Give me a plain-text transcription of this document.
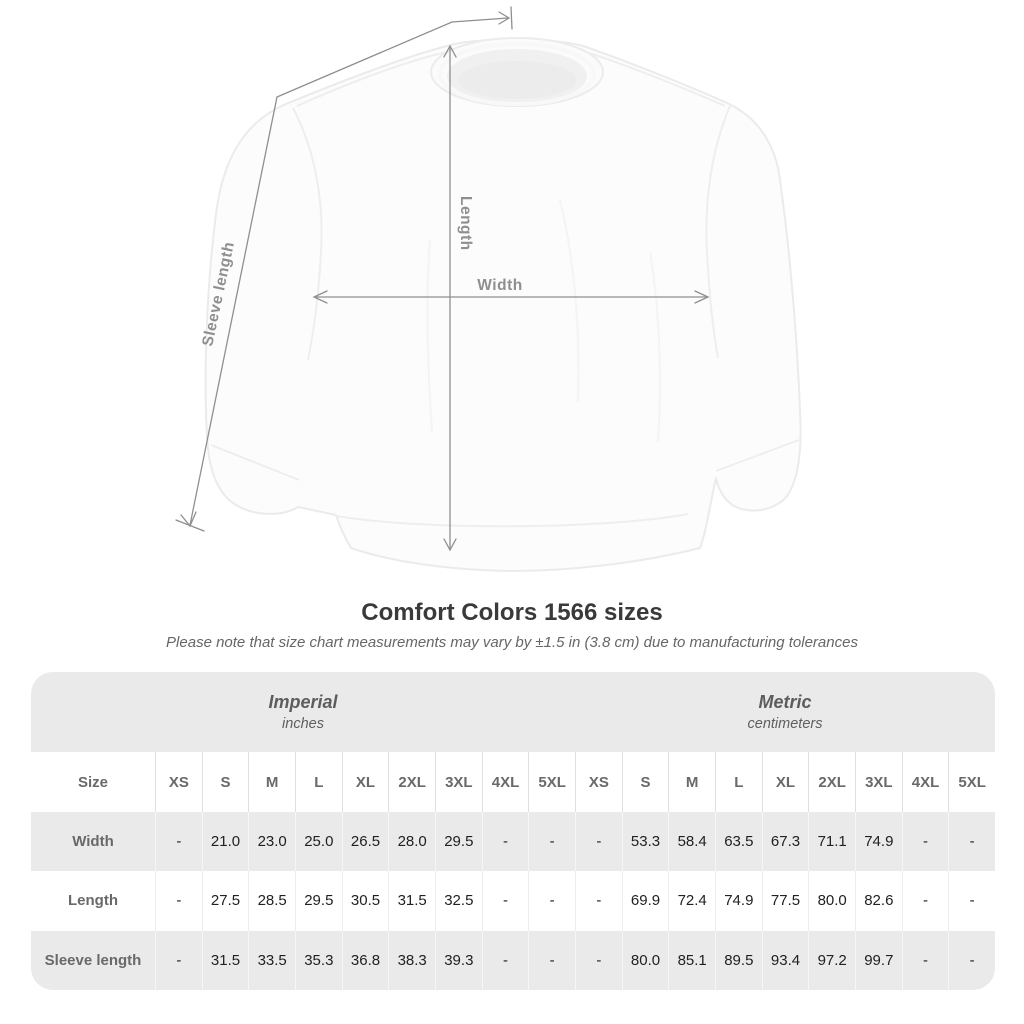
Length
Width
Sleeve length
Comfort Colors 1566 sizes
Please note that size chart measurements may vary by ±1.5 in (3.8 cm) due to manufacturing tolerances
Imperial
inches
Metric
centimeters
Size	XS	S	M	L	XL	2XL	3XL	4XL	5XL	XS	S	M	L	XL	2XL	3XL	4XL	5XL
Width	-	21.0	23.0	25.0	26.5	28.0	29.5	-	-	-	53.3	58.4	63.5	67.3	71.1	74.9	-	-
Length	-	27.5	28.5	29.5	30.5	31.5	32.5	-	-	-	69.9	72.4	74.9	77.5	80.0	82.6	-	-
Sleeve length	-	31.5	33.5	35.3	36.8	38.3	39.3	-	-	-	80.0	85.1	89.5	93.4	97.2	99.7	-	-
